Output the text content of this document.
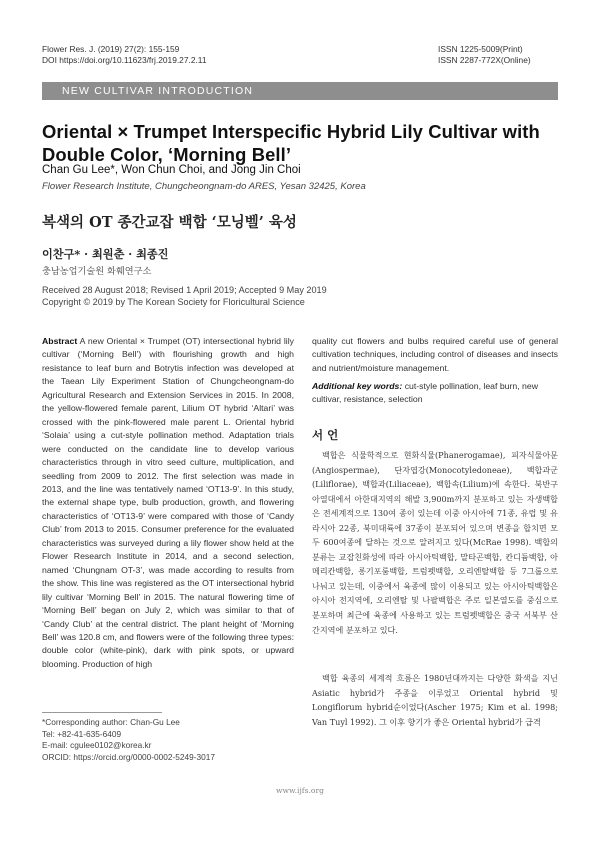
Flower Res. J. (2019) 27(2): 155-159
DOI https://doi.org/10.11623/frj.2019.27.2.11
ISSN 1225-5009(Print)
ISSN 2287-772X(Online)
NEW CULTIVAR INTRODUCTION
Oriental × Trumpet Interspecific Hybrid Lily Cultivar with Double Color, ‘Morning Bell’
Chan Gu Lee*, Won Chun Choi, and Jong Jin Choi
Flower Research Institute, Chungcheongnam-do ARES, Yesan 32425, Korea
복색의 OT 종간교잡 백합 ‘모닝벨’ 육성
이찬구* · 최원춘 · 최종진
충남농업기술원 화훼연구소
Received 28 August 2018; Revised 1 April 2019; Accepted 9 May 2019
Copyright © 2019 by The Korean Society for Floricultural Science
Abstract A new Oriental × Trumpet (OT) intersectional hybrid lily cultivar (‘Morning Bell’) with flourishing growth and high resistance to leaf burn and Botrytis infection was developed at the Taean Lily Experiment Station of Chungcheongnam-do Agricultural Research and Extension Services in 2015. In 2008, the yellow-flowered female parent, Lilium OT hybrid ‘Altari’ was crossed with the pink-flowered male parent L. Oriental hybrid ‘Solaia’ using a cut-style pollination method. Adaptation trials were conducted on the candidate line to develop various characteristics through in vitro seed culture, multiplication, and seedling from 2009 to 2012. The first selection was made in 2013, and the line was tentatively named ‘OT13-9’. In this study, the external shape type, bulb production, growth, and flowering characteristics of ‘OT13-9’ were compared with those of ‘Candy Club’ from 2013 to 2015. Consumer preference for the evaluated characteristics was surveyed during a lily flower show held at the Flower Research Institute in 2014, and a second selection, named ‘Chungnam OT-3’, was made according to results from the show. This line was registered as the OT intersectional hybrid lily cultivar ‘Morning Bell’ in 2015. The natural flowering time of ‘Morning Bell’ began on July 2, which was similar to that of ‘Candy Club’ at the central district. The plant height of ‘Morning Bell’ was 120.8 cm, and flowers were of the following three types: double color (white-pink), dark with pink spots, or upward blooming. Production of high
quality cut flowers and bulbs required careful use of general cultivation techniques, including control of diseases and insects and nutrient/moisture management.
Additional key words: cut-style pollination, leaf burn, new cultivar, resistance, selection
서 언

백합은 식물학적으로 현화식물(Phanerogamae), 피자식물아문(Angiospermae), 단자엽강(Monocotyledoneae), 백합과군(Liliflorae), 백합과(Liliaceae), 백합속(Lilium)에 속한다. 북반구 아열대에서 아한대지역의 해발 3,900m까지 분포하고 있는 자생백합은 전세계적으로 130여 종이 있는데 이중 아시아에 71종, 유럽 및 유라시아 22종, 북미대륙에 37종이 분포되어 있으며 변종을 합치면 모두 600여종에 달하는 것으로 알려지고 있다(McRae 1998). 백합의 분류는 교잡친화성에 따라 아시아틱백합, 말타곤백합, 칸디듐백합, 아메리칸백합, 롱기포룸백합, 트럼펫백합, 오리엔탈백합 등 7그룹으로 나눠고 있는데, 이중에서 육종에 많이 이용되고 있는 아시아틱백합은 아시아 전지역에, 오리엔탈 및 나팔백합은 주로 일본열도를 중심으로 분포하며 최근에 육종에 사용하고 있는 트럼펫백합은 중국 서북부 산간지역에 분포하고 있다.

백합 육종의 세계적 흐름은 1980년대까지는 다양한 화색을 지닌 Asiatic hybrid가 주종을 이루었고 Oriental hybrid 및 Longiflorum hybrid순이었다(Ascher 1975; Kim et al. 1998; Van Tuyl 1992). 그 이후 향기가 좋은 Oriental hybrid가 급격

*Corresponding author: Chan-Gu Lee
Tel: +82-41-635-6409
E-mail: cgulee0102@korea.kr
ORCID: https://orcid.org/0000-0002-5249-3017
www.ijfs.org
